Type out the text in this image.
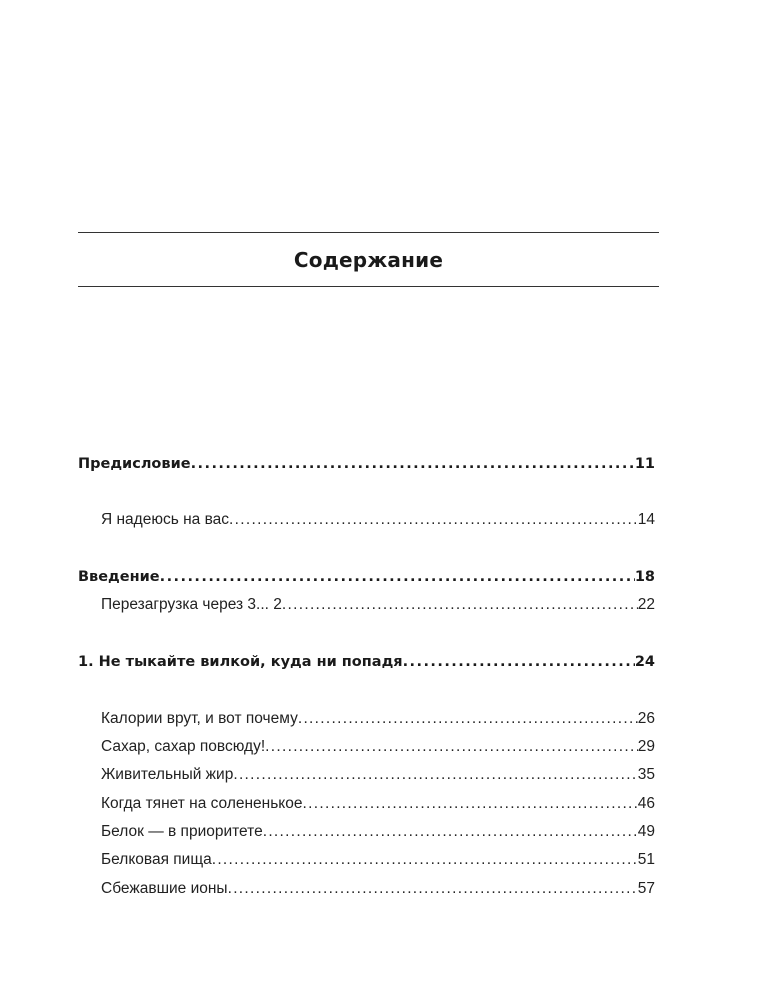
Содержание
Предисловие . . .	11
Я надеюсь на вас . . .	14
Введение . . .	18
Перезагрузка через 3... 2 . . .	22
1. Не тыкайте вилкой, куда ни попадя . . .	24
Калории врут, и вот почему . . .	26
Сахар, сахар повсюду! . . .	29
Живительный жир . . .	35
Когда тянет на солененькое . . .	46
Белок — в приоритете . . .	49
Белковая пища . . .	51
Сбежавшие ионы . . .	57
